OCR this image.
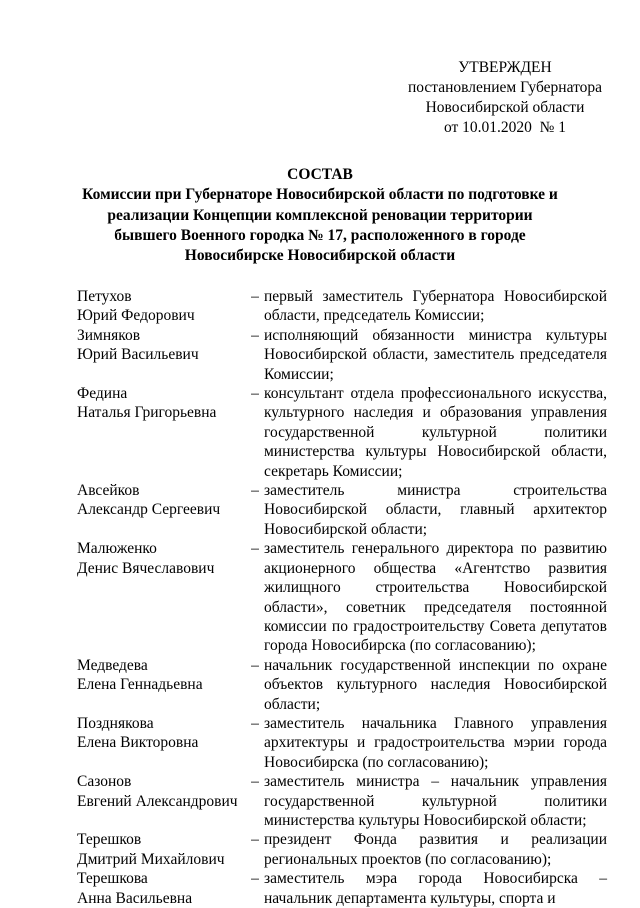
УТВЕРЖДЕН
постановлением Губернатора
Новосибирской области
от 10.01.2020  № 1
СОСТАВ
Комиссии при Губернаторе Новосибирской области по подготовке и реализации Концепции комплексной реновации территории бывшего Военного городка № 17, расположенного в городе Новосибирске Новосибирской области
Петухов
Юрий Федорович
– первый заместитель Губернатора Новосибирской области, председатель Комиссии;
Зимняков
Юрий Васильевич
– исполняющий обязанности министра культуры Новосибирской области, заместитель председателя Комиссии;
Федина
Наталья Григорьевна
– консультант отдела профессионального искусства, культурного наследия и образования управления государственной культурной политики министерства культуры Новосибирской области, секретарь Комиссии;
Авсейков
Александр Сергеевич
– заместитель министра строительства Новосибирской области, главный архитектор Новосибирской области;
Малюженко
Денис Вячеславович
– заместитель генерального директора по развитию акционерного общества «Агентство развития жилищного строительства Новосибирской области», советник председателя постоянной комиссии по градостроительству Совета депутатов города Новосибирска (по согласованию);
Медведева
Елена Геннадьевна
– начальник государственной инспекции по охране объектов культурного наследия Новосибирской области;
Позднякова
Елена Викторовна
– заместитель начальника Главного управления архитектуры и градостроительства мэрии города Новосибирска (по согласованию);
Сазонов
Евгений Александрович
– заместитель министра – начальник управления государственной культурной политики министерства культуры Новосибирской области;
Терешков
Дмитрий Михайлович
– президент Фонда развития и реализации региональных проектов (по согласованию);
Терешкова
Анна Васильевна
– заместитель мэра города Новосибирска – начальник департамента культуры, спорта и
